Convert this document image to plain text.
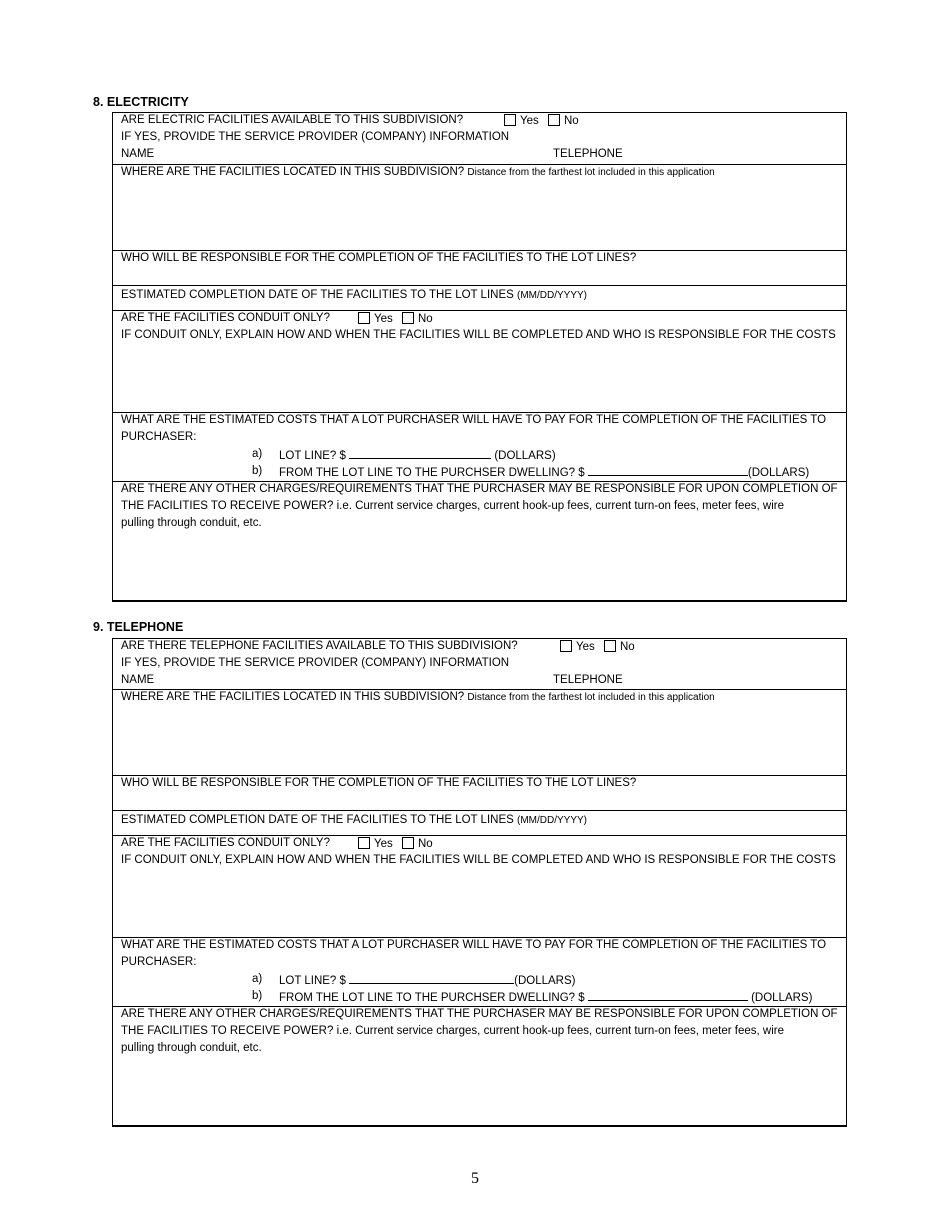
8. ELECTRICITY
ARE ELECTRIC FACILITIES AVAILABLE TO THIS SUBDIVISION?	Yes No
IF YES, PROVIDE THE SERVICE PROVIDER (COMPANY) INFORMATION
NAME	TELEPHONE
WHERE ARE THE FACILITIES LOCATED IN THIS SUBDIVISION? Distance from the farthest lot included in this application
WHO WILL BE RESPONSIBLE FOR THE COMPLETION OF THE FACILITIES TO THE LOT LINES?
ESTIMATED COMPLETION DATE OF THE FACILITIES TO THE LOT LINES (MM/DD/YYYY)
ARE THE FACILITIES CONDUIT ONLY?	Yes No
IF CONDUIT ONLY, EXPLAIN HOW AND WHEN THE FACILITIES WILL BE COMPLETED AND WHO IS RESPONSIBLE FOR THE COSTS
WHAT ARE THE ESTIMATED COSTS THAT A LOT PURCHASER WILL HAVE TO PAY FOR THE COMPLETION OF THE FACILITIES TO
PURCHASER:
a) LOT LINE? $	(DOLLARS)
b) FROM THE LOT LINE TO THE PURCHSER DWELLING? $	(DOLLARS)
ARE THERE ANY OTHER CHARGES/REQUIREMENTS THAT THE PURCHASER MAY BE RESPONSIBLE FOR UPON COMPLETION OF
THE FACILITIES TO RECEIVE POWER? i.e. Current service charges, current hook-up fees, current turn-on fees, meter fees, wire
pulling through conduit, etc.
9. TELEPHONE
ARE THERE TELEPHONE FACILITIES AVAILABLE TO THIS SUBDIVISION?	Yes No
IF YES, PROVIDE THE SERVICE PROVIDER (COMPANY) INFORMATION
NAME	TELEPHONE
WHERE ARE THE FACILITIES LOCATED IN THIS SUBDIVISION? Distance from the farthest lot included in this application
WHO WILL BE RESPONSIBLE FOR THE COMPLETION OF THE FACILITIES TO THE LOT LINES?
ESTIMATED COMPLETION DATE OF THE FACILITIES TO THE LOT LINES (MM/DD/YYYY)
ARE THE FACILITIES CONDUIT ONLY?	Yes No
IF CONDUIT ONLY, EXPLAIN HOW AND WHEN THE FACILITIES WILL BE COMPLETED AND WHO IS RESPONSIBLE FOR THE COSTS
WHAT ARE THE ESTIMATED COSTS THAT A LOT PURCHASER WILL HAVE TO PAY FOR THE COMPLETION OF THE FACILITIES TO
PURCHASER:
a) LOT LINE? $	(DOLLARS)
b) FROM THE LOT LINE TO THE PURCHSER DWELLING? $	(DOLLARS)
ARE THERE ANY OTHER CHARGES/REQUIREMENTS THAT THE PURCHASER MAY BE RESPONSIBLE FOR UPON COMPLETION OF
THE FACILITIES TO RECEIVE POWER? i.e. Current service charges, current hook-up fees, current turn-on fees, meter fees, wire
pulling through conduit, etc.
5
